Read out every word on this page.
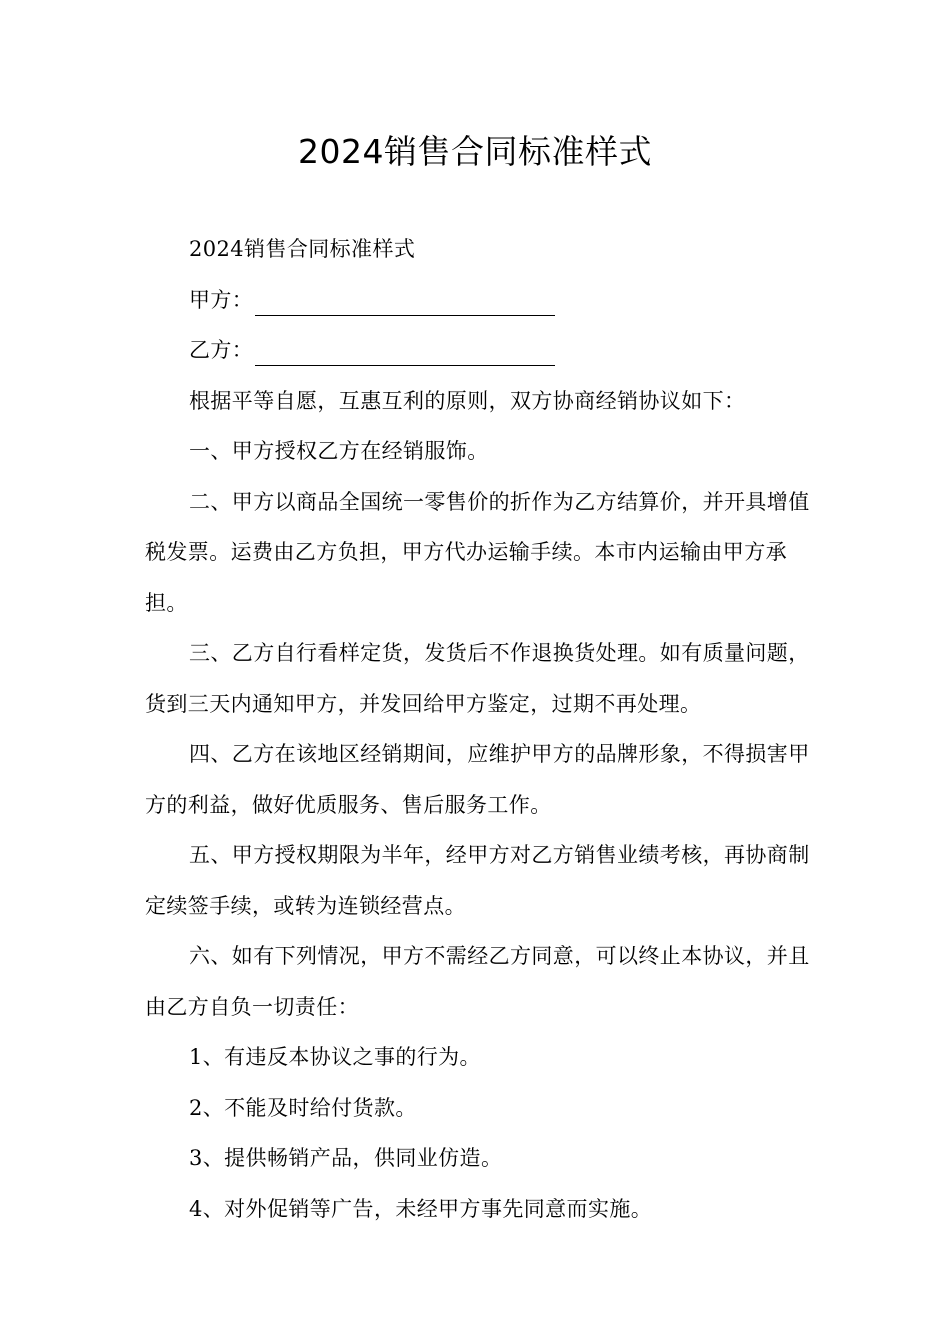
2024销售合同标准样式

2024销售合同标准样式

甲方：

乙方：

根据平等自愿，互惠互利的原则，双方协商经销协议如下：

一、甲方授权乙方在经销服饰。

二、甲方以商品全国统一零售价的折作为乙方结算价，并开具增值税发票。运费由乙方负担，甲方代办运输手续。本市内运输由甲方承担。

三、乙方自行看样定货，发货后不作退换货处理。如有质量问题，货到三天内通知甲方，并发回给甲方鉴定，过期不再处理。

四、乙方在该地区经销期间，应维护甲方的品牌形象，不得损害甲方的利益，做好优质服务、售后服务工作。

五、甲方授权期限为半年，经甲方对乙方销售业绩考核，再协商制定续签手续，或转为连锁经营点。

六、如有下列情况，甲方不需经乙方同意，可以终止本协议，并且由乙方自负一切责任：

1、有违反本协议之事的行为。

2、不能及时给付货款。

3、提供畅销产品，供同业仿造。

4、对外促销等广告，未经甲方事先同意而实施。
